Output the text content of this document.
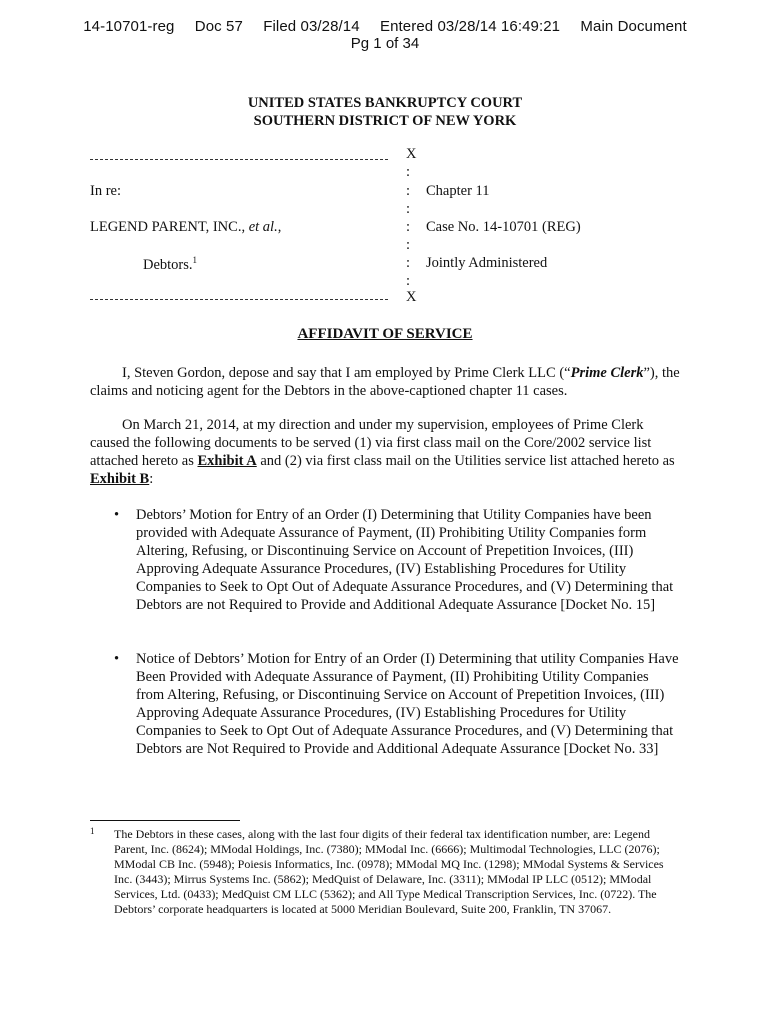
14-10701-reg Doc 57 Filed 03/28/14 Entered 03/28/14 16:49:21 Main Document
Pg 1 of 34
UNITED STATES BANKRUPTCY COURT
SOUTHERN DISTRICT OF NEW YORK
X
:
In re:	: Chapter 11
:
LEGEND PARENT, INC., et al.,	: Case No. 14-10701 (REG)
:
Debtors.$^1$	: Jointly Administered
:
X
AFFIDAVIT OF SERVICE
I, Steven Gordon, depose and say that I am employed by Prime Clerk LLC (“Prime Clerk”), the claims and noticing agent for the Debtors in the above-captioned chapter 11 cases.
On March 21, 2014, at my direction and under my supervision, employees of Prime Clerk caused the following documents to be served (1) via first class mail on the Core/2002 service list attached hereto as Exhibit A and (2) via first class mail on the Utilities service list attached hereto as Exhibit B:
• Debtors’ Motion for Entry of an Order (I) Determining that Utility Companies have been provided with Adequate Assurance of Payment, (II) Prohibiting Utility Companies form Altering, Refusing, or Discontinuing Service on Account of Prepetition Invoices, (III) Approving Adequate Assurance Procedures, (IV) Establishing Procedures for Utility Companies to Seek to Opt Out of Adequate Assurance Procedures, and (V) Determining that Debtors are not Required to Provide and Additional Adequate Assurance [Docket No. 15]
• Notice of Debtors’ Motion for Entry of an Order (I) Determining that utility Companies Have Been Provided with Adequate Assurance of Payment, (II) Prohibiting Utility Companies from Altering, Refusing, or Discontinuing Service on Account of Prepetition Invoices, (III) Approving Adequate Assurance Procedures, (IV) Establishing Procedures for Utility Companies to Seek to Opt Out of Adequate Assurance Procedures, and (V) Determining that Debtors are Not Required to Provide and Additional Adequate Assurance [Docket No. 33]
1 The Debtors in these cases, along with the last four digits of their federal tax identification number, are: Legend Parent, Inc. (8624); MModal Holdings, Inc. (7380); MModal Inc. (6666); Multimodal Technologies, LLC (2076); MModal CB Inc. (5948); Poiesis Informatics, Inc. (0978); MModal MQ Inc. (1298); MModal Systems & Services Inc. (3443); Mirrus Systems Inc. (5862); MedQuist of Delaware, Inc. (3311); MModal IP LLC (0512); MModal Services, Ltd. (0433); MedQuist CM LLC (5362); and All Type Medical Transcription Services, Inc. (0722). The Debtors’ corporate headquarters is located at 5000 Meridian Boulevard, Suite 200, Franklin, TN 37067.
